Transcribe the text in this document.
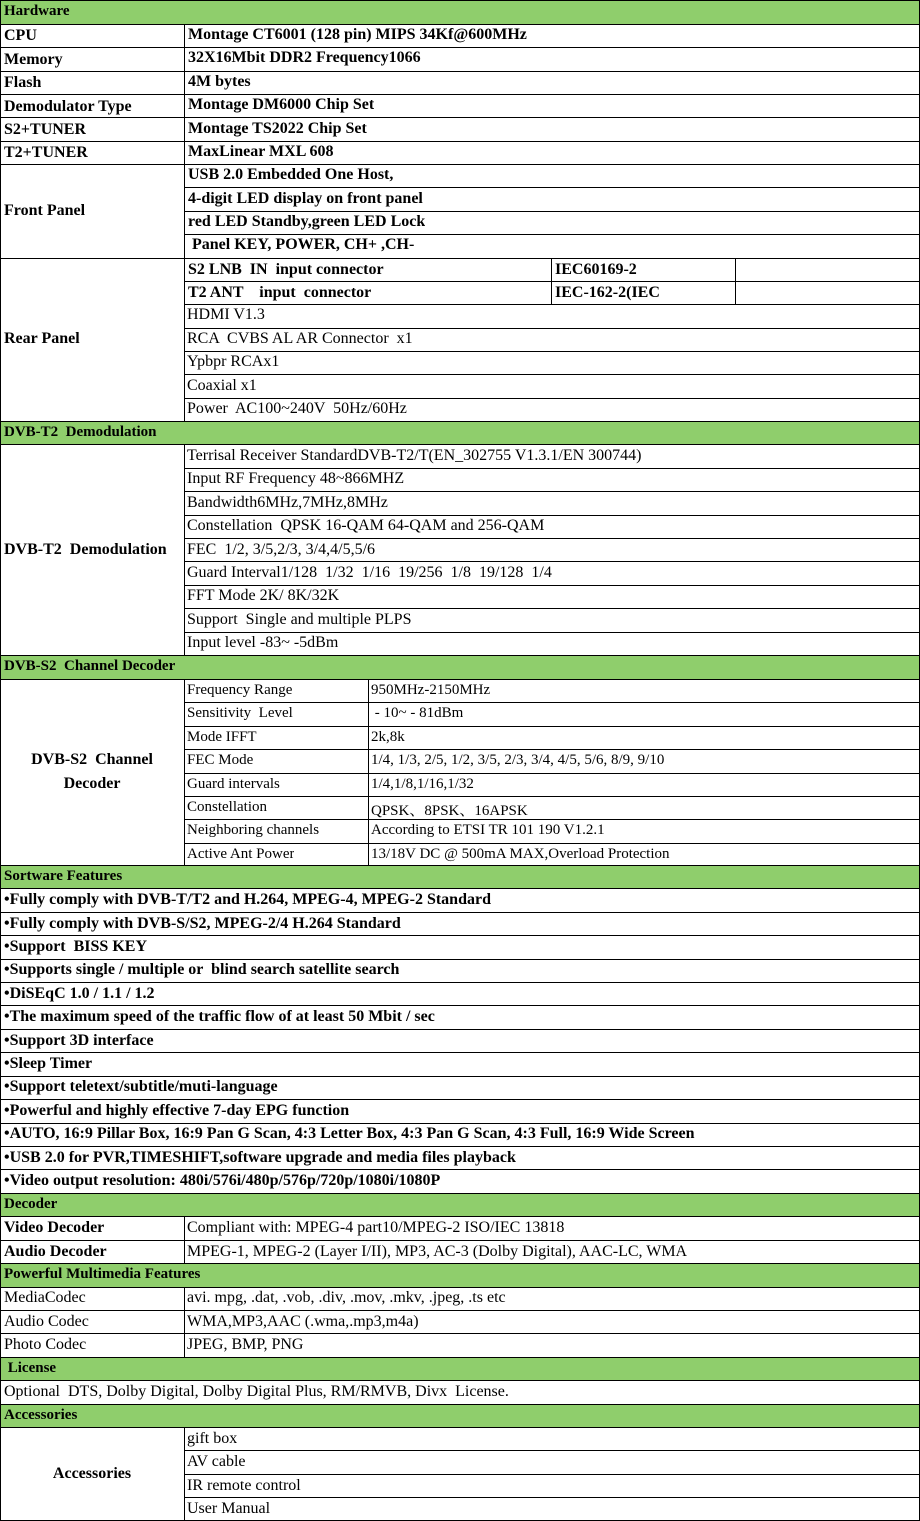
Hardware
CPU	Montage CT6001 (128 pin) MIPS 34Kf@600MHz
Memory	32X16Mbit DDR2 Frequency1066
Flash	4M bytes
Demodulator Type	Montage DM6000 Chip Set
S2+TUNER	Montage TS2022 Chip Set
T2+TUNER	MaxLinear MXL 608
Front Panel
USB 2.0 Embedded One Host,
4-digit LED display on front panel
red LED Standby,green LED Lock
Panel KEY, POWER, CH+ ,CH-
Rear Panel
S2 LNB  IN  input connector	IEC60169-2
T2 ANT    input  connector	IEC-162-2(IEC
HDMI V1.3
RCA  CVBS AL AR Connector  x1
Ypbpr RCAx1
Coaxial x1
Power  AC100~240V  50Hz/60Hz
DVB-T2  Demodulation
DVB-T2  Demodulation
Terrisal Receiver StandardDVB-T2/T(EN_302755 V1.3.1/EN 300744)
Input RF Frequency 48~866MHZ
Bandwidth6MHz,7MHz,8MHz
Constellation  QPSK 16-QAM 64-QAM and 256-QAM
FEC  1/2, 3/5,2/3, 3/4,4/5,5/6
Guard Interval1/128  1/32  1/16  19/256  1/8  19/128  1/4
FFT Mode 2K/ 8K/32K
Support  Single and multiple PLPS
Input level -83~ -5dBm
DVB-S2  Channel Decoder
DVB-S2  Channel
Decoder
Frequency Range	950MHz-2150MHz
Sensitivity  Level	- 10~ - 81dBm
Mode IFFT	2k,8k
FEC Mode	1/4, 1/3, 2/5, 1/2, 3/5, 2/3, 3/4, 4/5, 5/6, 8/9, 9/10
Guard intervals	1/4,1/8,1/16,1/32
Constellation	QPSK、8PSK、16APSK
Neighboring channels	According to ETSI TR 101 190 V1.2.1
Active Ant Power	13/18V DC @ 500mA MAX,Overload Protection
Sortware Features
•Fully comply with DVB-T/T2 and H.264, MPEG-4, MPEG-2 Standard
•Fully comply with DVB-S/S2, MPEG-2/4 H.264 Standard
•Support  BISS KEY
•Supports single / multiple or  blind search satellite search
•DiSEqC 1.0 / 1.1 / 1.2
•The maximum speed of the traffic flow of at least 50 Mbit / sec
•Support 3D interface
•Sleep Timer
•Support teletext/subtitle/muti-language
•Powerful and highly effective 7-day EPG function
•AUTO, 16:9 Pillar Box, 16:9 Pan G Scan, 4:3 Letter Box, 4:3 Pan G Scan, 4:3 Full, 16:9 Wide Screen
•USB 2.0 for PVR,TIMESHIFT,software upgrade and media files playback
•Video output resolution: 480i/576i/480p/576p/720p/1080i/1080P
Decoder
Video Decoder	Compliant with: MPEG-4 part10/MPEG-2 ISO/IEC 13818
Audio Decoder	MPEG-1, MPEG-2 (Layer I/II), MP3, AC-3 (Dolby Digital), AAC-LC, WMA
Powerful Multimedia Features
MediaCodec	avi. mpg, .dat, .vob, .div, .mov, .mkv, .jpeg, .ts etc
Audio Codec	WMA,MP3,AAC (.wma,.mp3,m4a)
Photo Codec	JPEG, BMP, PNG
License
Optional  DTS, Dolby Digital, Dolby Digital Plus, RM/RMVB, Divx  License.
Accessories
Accessories
gift box
AV cable
IR remote control
User Manual
